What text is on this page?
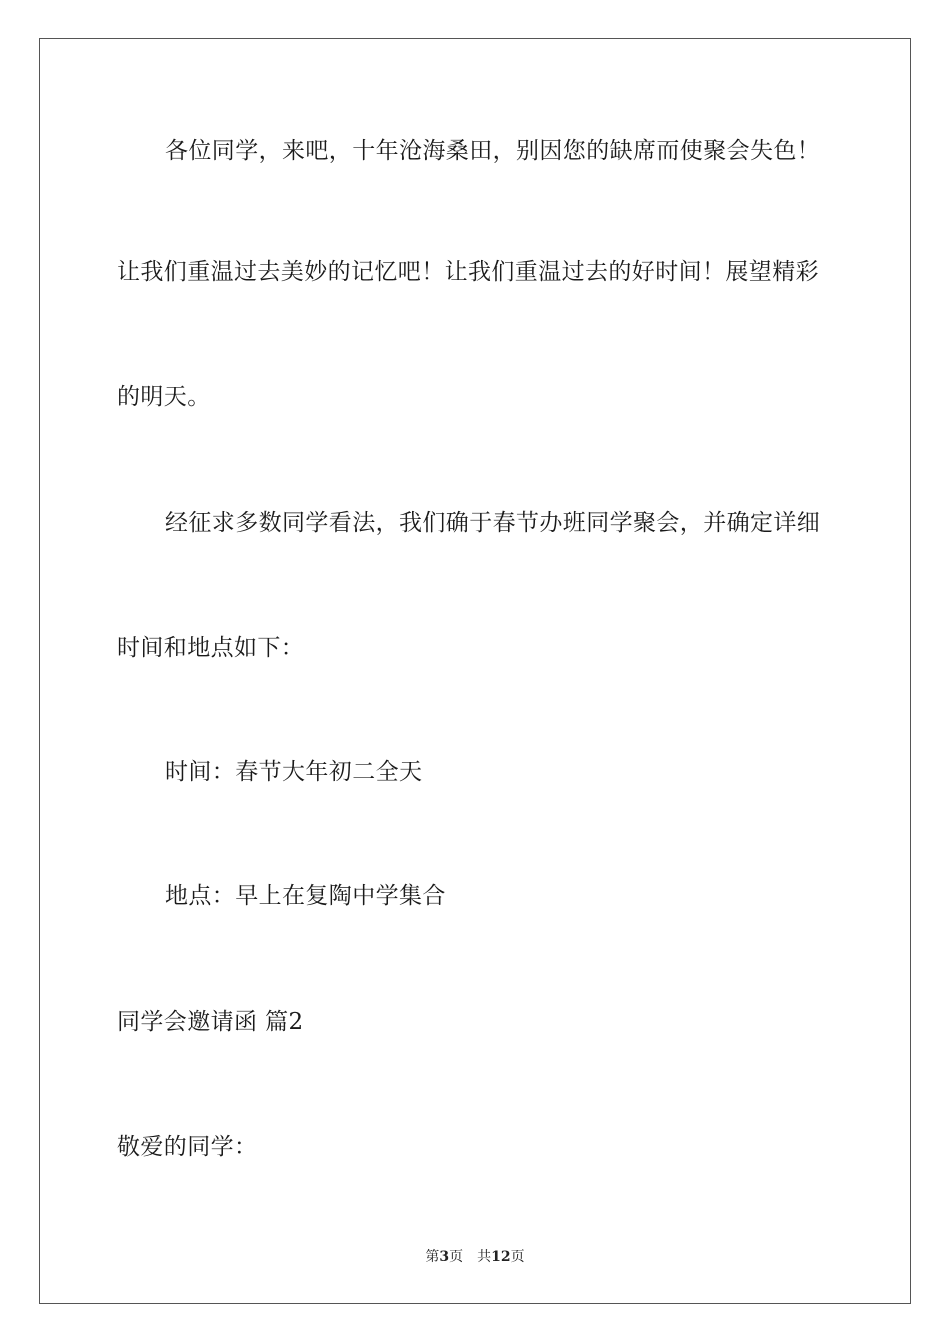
各位同学，来吧，十年沧海桑田，别因您的缺席而使聚会失色！
让我们重温过去美妙的记忆吧！让我们重温过去的好时间！展望精彩
的明天。
经征求多数同学看法，我们确于春节办班同学聚会，并确定详细
时间和地点如下：
时间：春节大年初二全天
地点：早上在复陶中学集合
同学会邀请函 篇2
敬爱的同学：
第3页 共12页
